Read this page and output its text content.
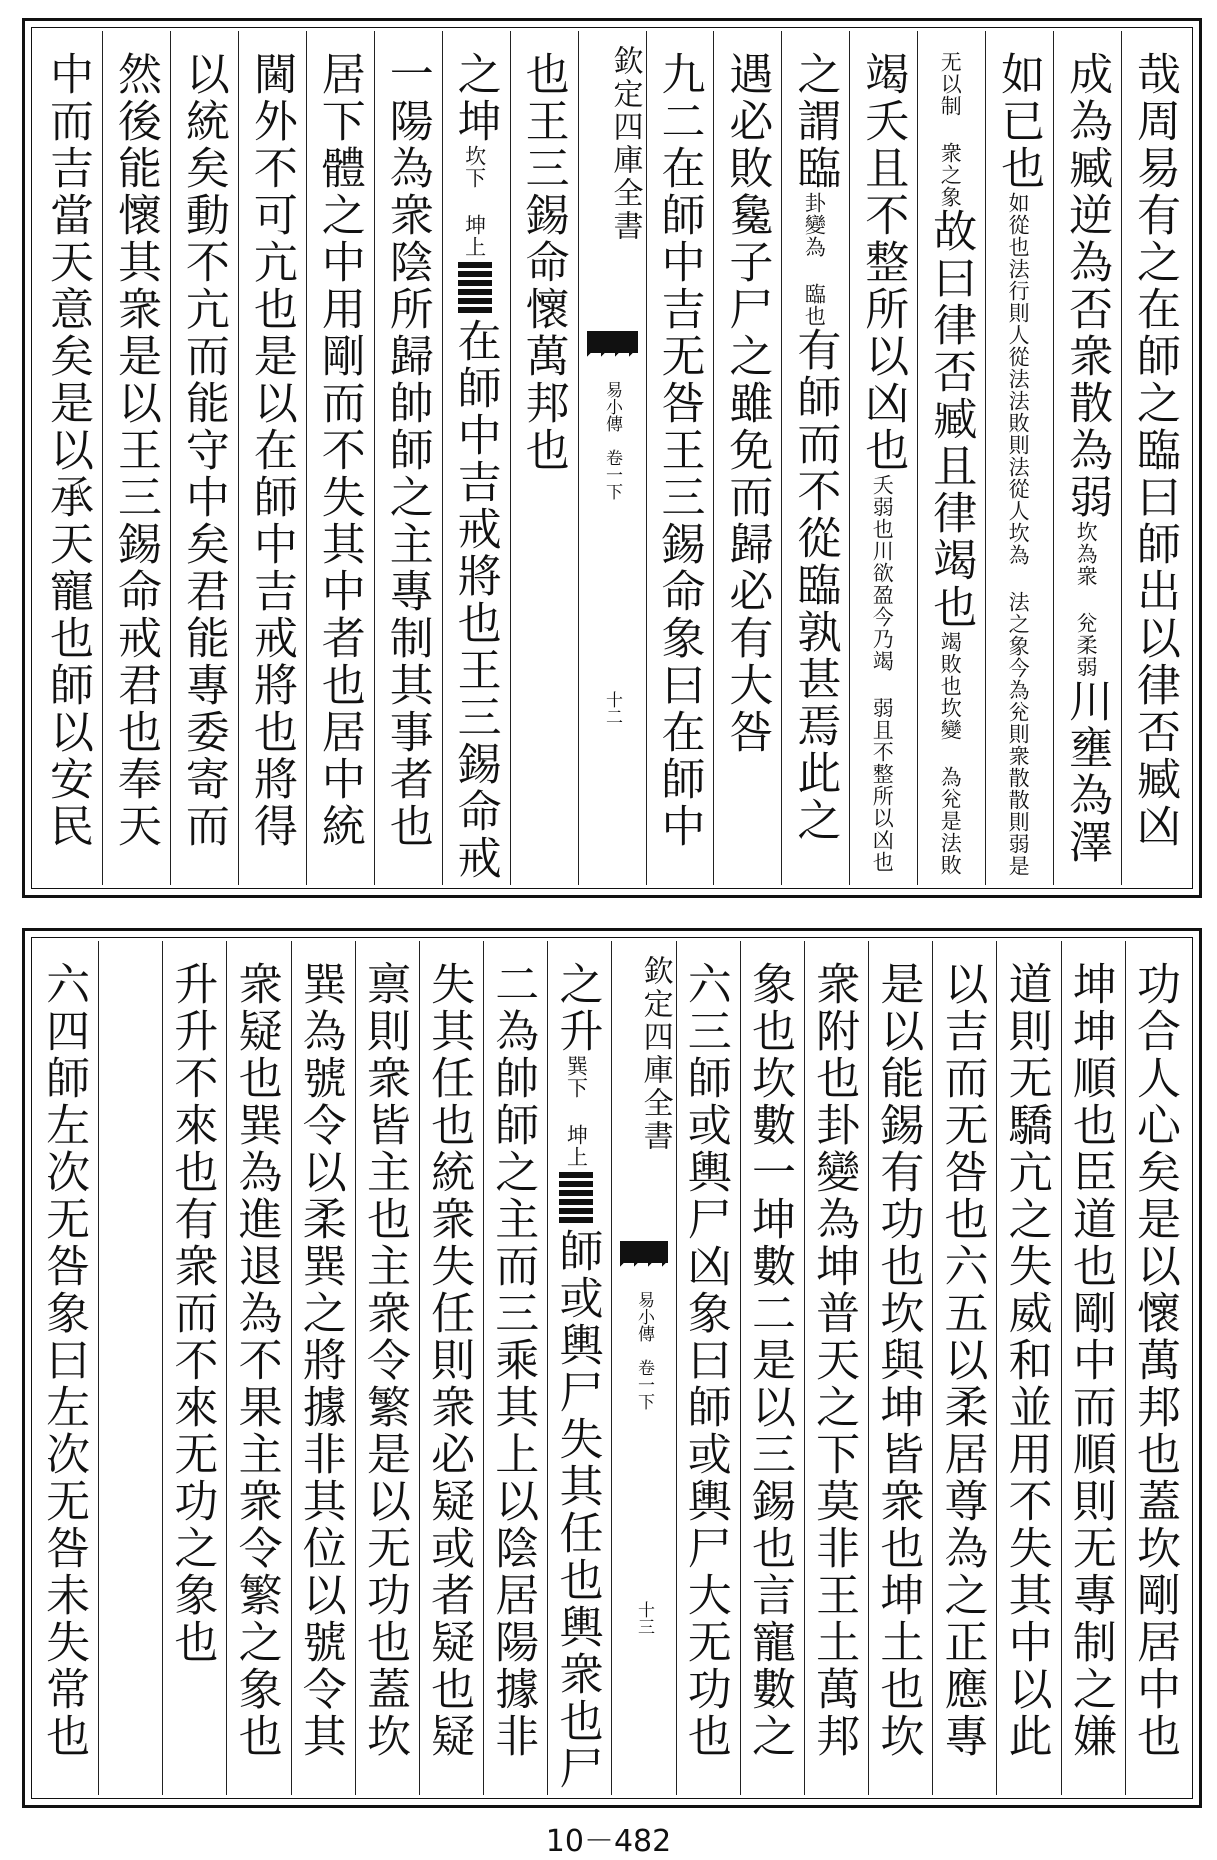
哉周易有之在師之臨曰師出以律否臧凶
成為臧逆為否衆散為弱坎為衆 兊柔弱川壅為澤
如已也如從也法行則人從法法敗則法從人坎為 法之象今為兊則衆散散則弱是
无以制 衆之象故曰律否臧且律竭也竭敗也坎變 為兊是法敗
竭夭且不整所以凶也夭弱也川欲盈今乃竭 弱且不整所以凶也
之謂臨卦變為 臨也有師而不從臨孰甚焉此之
遇必敗毚子尸之雖免而歸必有大咎
九二在師中吉无咎王三錫命象曰在師中
欽定四庫全書
易小傳　卷一下
十二
也王三錫命懷萬邦也
之坤坎下 坤上在師中吉戒將也王三錫命戒
一陽為衆陰所歸帥師之主專制其事者也
居下體之中用剛而不失其中者也居中統
閫外不可亢也是以在師中吉戒將也將得
以統矣動不亢而能守中矣君能專委寄而
然後能懷其衆是以王三錫命戒君也奉天
中而吉當天意矣是以承天寵也師以安民
功合人心矣是以懷萬邦也蓋坎剛居中也
坤坤順也臣道也剛中而順則无專制之嫌
道則无驕亢之失威和並用不失其中以此
以吉而无咎也六五以柔居尊為之正應專
是以能錫有功也坎與坤皆衆也坤土也坎
衆附也卦變為坤普天之下莫非王土萬邦
象也坎數一坤數二是以三錫也言寵數之
六三師或輿尸凶象曰師或輿尸大无功也
欽定四庫全書
易小傳　卷一下
十三
之升巽下 坤上師或輿尸失其任也輿衆也尸
二為帥師之主而三乘其上以陰居陽據非
失其任也統衆失任則衆必疑或者疑也疑
禀則衆皆主也主衆令繁是以无功也蓋坎
巽為號令以柔巽之將據非其位以號令其
衆疑也巽為進退為不果主衆令繁之象也
升升不來也有衆而不來无功之象也
六四師左次无咎象曰左次无咎未失常也
10－482
